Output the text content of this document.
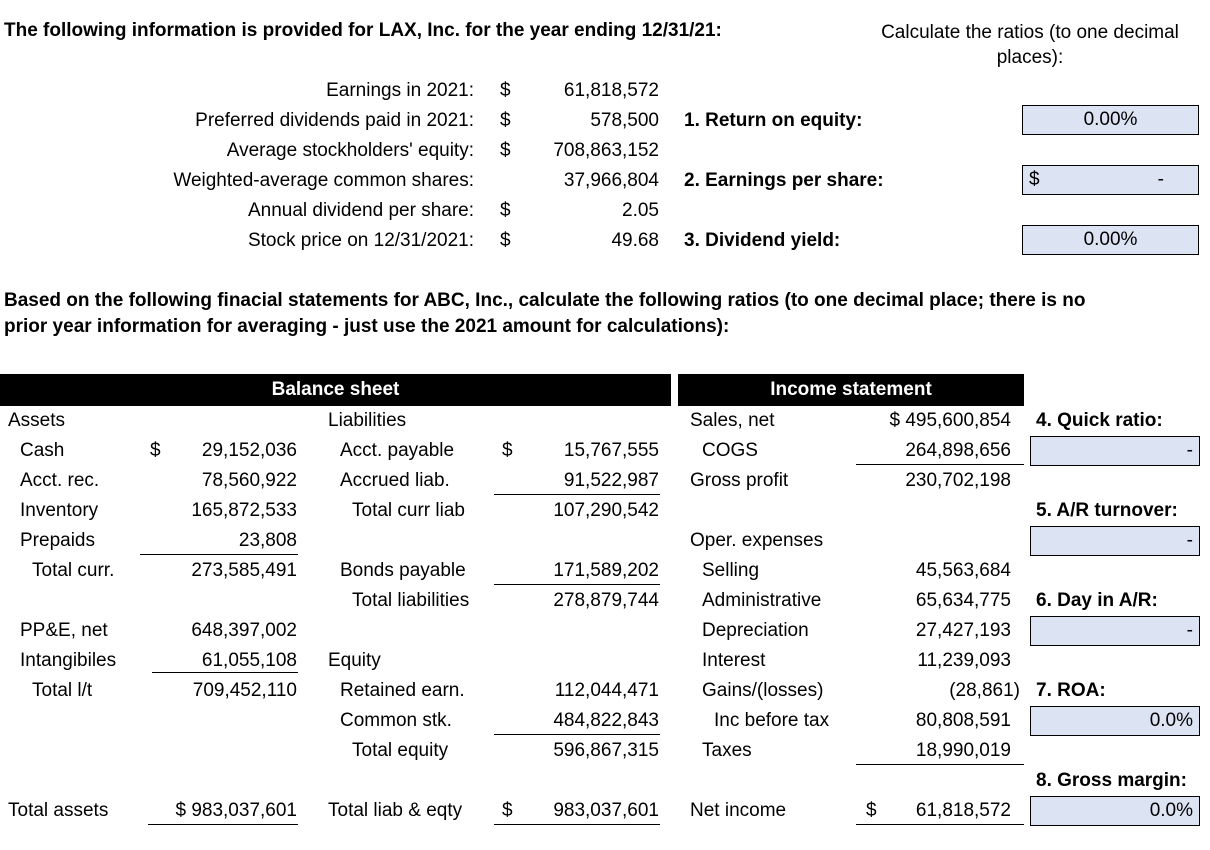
The following information is provided for LAX, Inc. for the year ending 12/31/21:	Calculate the ratios (to one decimal places):
Earnings in 2021: $	61,818,572
Preferred dividends paid in 2021: $	578,500
Average stockholders' equity: $ 708,863,152
Weighted-average common shares:	37,966,804
Annual dividend per share: $	2.05
Stock price on 12/31/2021: $	49.68
1. Return on equity:	0.00%
2. Earnings per share:	$	-
3. Dividend yield:	0.00%
Based on the following finacial statements for ABC, Inc., calculate the following ratios (to one decimal place; there is no
prior year information for averaging - just use the 2021 amount for calculations):
Balance sheet	Income statement
Assets
Cash	$ 29,152,036
Acct. rec.	78,560,922
Inventory	165,872,533
Prepaids	23,808
Total curr.	273,585,491
PP&E, net	648,397,002
Intangibiles	61,055,108
Total l/t	709,452,110
Total assets	$ 983,037,601
Liabilities
Acct. payable	$	15,767,555
Accrued liab.	91,522,987
Total curr liab	107,290,542
Bonds payable	171,589,202
Total liabilities	278,879,744
Equity
Retained earn.	112,044,471
Common stk.	484,822,843
Total equity	596,867,315
Total liab & eqty $ 983,037,601
Sales, net	$ 495,600,854
COGS	264,898,656
Gross profit	230,702,198
Oper. expenses
Selling	45,563,684
Administrative	65,634,775
Depreciation	27,427,193
Interest	11,239,093
Gains/(losses)	(28,861)
Inc before tax	80,808,591
Taxes	18,990,019
Net income	$ 61,818,572
4. Quick ratio:
-
5. A/R turnover:
-
6. Day in A/R:
-
7. ROA:
0.0%
8. Gross margin:
0.0%
